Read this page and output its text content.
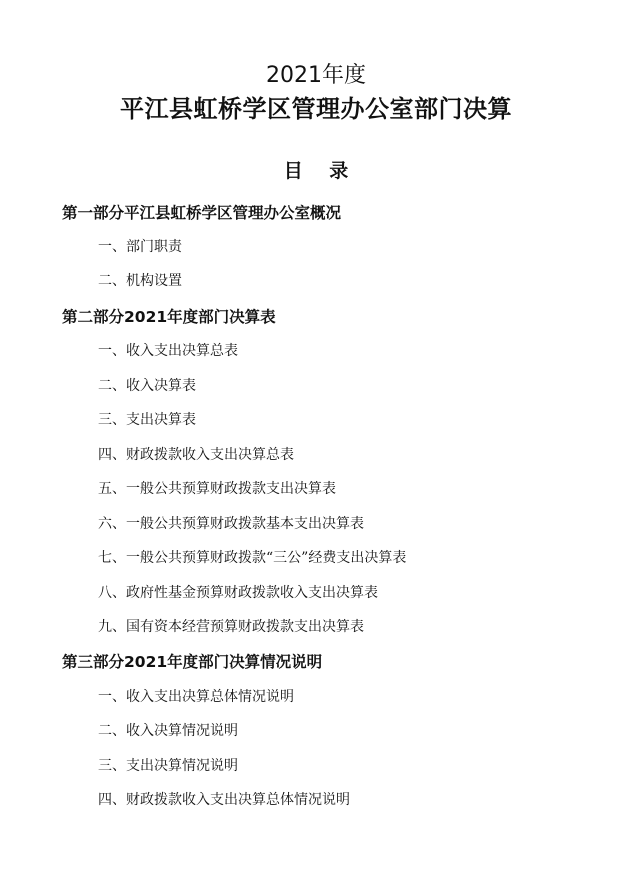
2021年度
平江县虹桥学区管理办公室部门决算
目 录
第一部分平江县虹桥学区管理办公室概况
一、部门职责
二、机构设置
第二部分2021年度部门决算表
一、收入支出决算总表
二、收入决算表
三、支出决算表
四、财政拨款收入支出决算总表
五、一般公共预算财政拨款支出决算表
六、一般公共预算财政拨款基本支出决算表
七、一般公共预算财政拨款“三公”经费支出决算表
八、政府性基金预算财政拨款收入支出决算表
九、国有资本经营预算财政拨款支出决算表
第三部分2021年度部门决算情况说明
一、收入支出决算总体情况说明
二、收入决算情况说明
三、支出决算情况说明
四、财政拨款收入支出决算总体情况说明
